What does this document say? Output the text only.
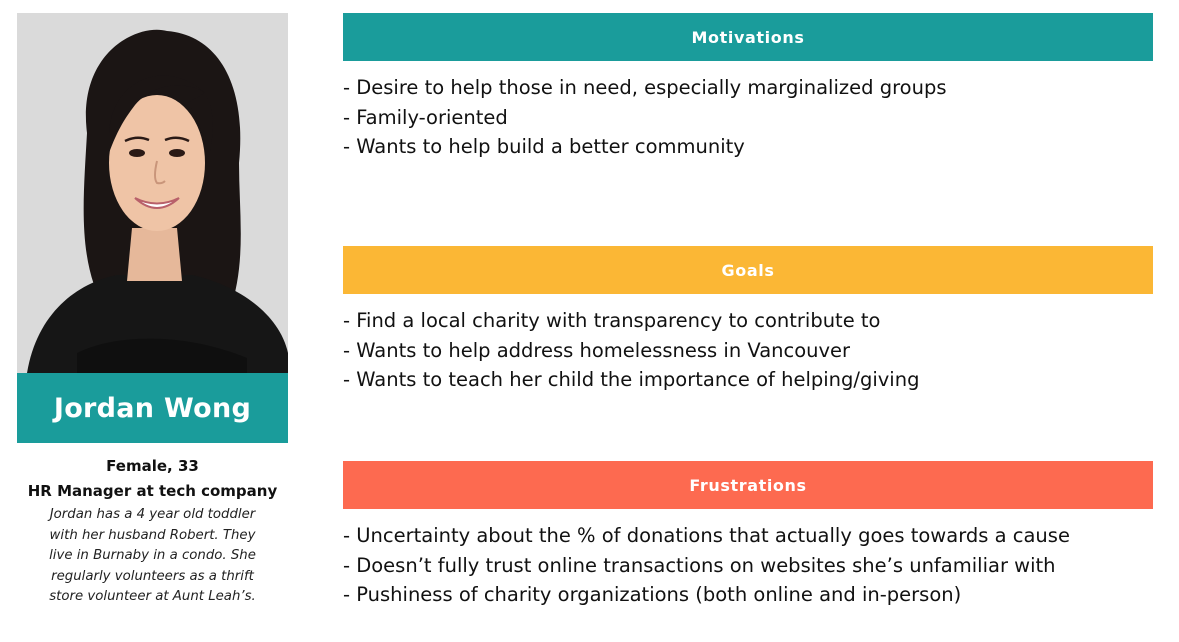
Jordan Wong
Female, 33
HR Manager at tech company
Jordan has a 4 year old toddler
with her husband Robert. They
live in Burnaby in a condo. She
regularly volunteers as a thrift
store volunteer at Aunt Leah’s.
Motivations
- Desire to help those in need, especially marginalized groups
- Family-oriented
- Wants to help build a better community
Goals
- Find a local charity with transparency to contribute to
- Wants to help address homelessness in Vancouver
- Wants to teach her child the importance of helping/giving
Frustrations
- Uncertainty about the % of donations that actually goes towards a cause
- Doesn’t fully trust online transactions on websites she’s unfamiliar with
- Pushiness of charity organizations (both online and in-person)
